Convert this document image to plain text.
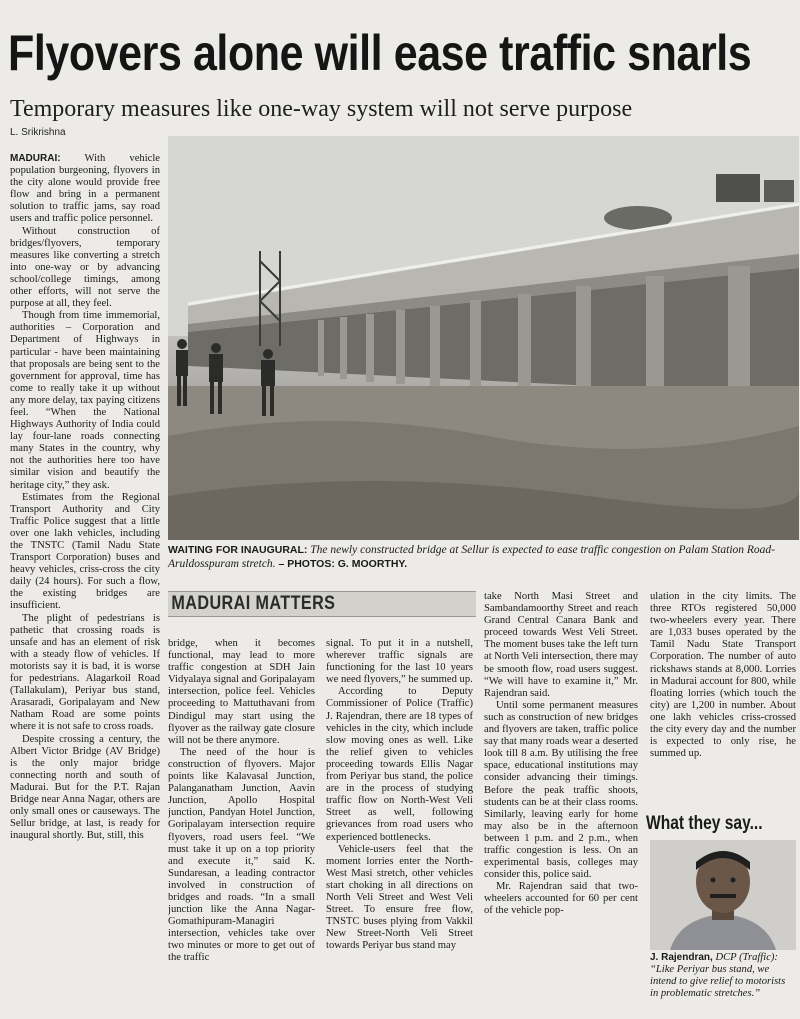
Flyovers alone will ease traffic snarls
Temporary measures like one-way system will not serve purpose
L. Srikrishna

MADURAI: With vehicle population burgeoning, flyovers in the city alone would provide free flow and bring in a permanent solution to traffic jams, say road users and traffic police personnel.

Without construction of bridges/flyovers, temporary measures like converting a stretch into one-way or by advancing school/college timings, among other efforts, will not serve the purpose at all, they feel.

Though from time immemorial, authorities – Corporation and Department of Highways in particular - have been maintaining that proposals are being sent to the government for approval, time has come to really take it up without any more delay, tax paying citizens feel. “When the National Highways Authority of India could lay four-lane roads connecting many States in the country, why not the authorities here too have similar vision and beautify the heritage city,” they ask.

Estimates from the Regional Transport Authority and City Traffic Police suggest that a little over one lakh vehicles, including the TNSTC (Tamil Nadu State Transport Corporation) buses and heavy vehicles, criss-cross the city daily (24 hours). For such a flow, the existing bridges are insufficient.

The plight of pedestrians is pathetic that crossing roads is unsafe and has an element of risk with a steady flow of vehicles. If motorists say it is bad, it is worse for pedestrians. Alagarkoil Road (Tallakulam), Periyar bus stand, Arasaradi, Goripalayam and New Natham Road are some points where it is not safe to cross roads.

Despite crossing a century, the Albert Victor Bridge (AV Bridge) is the only major bridge connecting north and south of Madurai. But for the P.T. Rajan Bridge near Anna Nagar, others are only small ones or causeways. The Sellur bridge, at last, is ready for inaugural shortly. But, still, this

WAITING FOR INAUGURAL: The newly constructed bridge at Sellur is expected to ease traffic congestion on Palam Station Road-Aruldosspuram stretch. – PHOTOS: G. MOORTHY.
MADURAI MATTERS

bridge, when it becomes functional, may lead to more traffic congestion at SDH Jain Vidyalaya signal and Goripalayam intersection, police feel. Vehicles proceeding to Mattuthavani from Dindigul may start using the flyover as the railway gate closure will not be there anymore.

The need of the hour is construction of flyovers. Major points like Kalavasal Junction, Palanganatham Junction, Aavin Junction, Apollo Hospital junction, Pandyan Hotel Junction, Goripalayam intersection require flyovers, road users feel. “We must take it up on a top priority and execute it,” said K. Sundaresan, a leading contractor involved in construction of bridges and roads. “In a small junction like the Anna Nagar-Gomathipuram-Managiri intersection, vehicles take over two minutes or more to get out of the traffic

signal. To put it in a nutshell, wherever traffic signals are functioning for the last 10 years we need flyovers,” he summed up.

According to Deputy Commissioner of Police (Traffic) J. Rajendran, there are 18 types of vehicles in the city, which include slow moving ones as well. Like the relief given to vehicles proceeding towards Ellis Nagar from Periyar bus stand, the police are in the process of studying traffic flow on North-West Veli Street as well, following grievances from road users who experienced bottlenecks.

Vehicle-users feel that the moment lorries enter the North-West Masi stretch, other vehicles start choking in all directions on North Veli Street and West Veli Street. To ensure free flow, TNSTC buses plying from Vakkil New Street-North Veli Street towards Periyar bus stand may

take North Masi Street and Sambandamoorthy Street and reach Grand Central Canara Bank and proceed towards West Veli Street. The moment buses take the left turn at North Veli intersection, there may be smooth flow, road users suggest. “We will have to examine it,” Mr. Rajendran said.

Until some permanent measures such as construction of new bridges and flyovers are taken, traffic police say that many roads wear a deserted look till 8 a.m. By utilising the free space, educational institutions may consider advancing their timings. Before the peak traffic shoots, students can be at their class rooms. Similarly, leaving early for home may also be in the afternoon between 1 p.m. and 2 p.m., when traffic congestion is less. On an experimental basis, colleges may consider this, police said.

Mr. Rajendran said that two-wheelers accounted for 60 per cent of the vehicle pop-

ulation in the city limits. The three RTOs registered 50,000 two-wheelers every year. There are 1,033 buses operated by the Tamil Nadu State Transport Corporation. The number of auto rickshaws stands at 8,000. Lorries in Madurai account for 800, while floating lorries (which touch the city) are 1,200 in number. About one lakh vehicles criss-crossed the city every day and the number is expected to only rise, he summed up.

What they say...
J. Rajendran, DCP (Traffic): “Like Periyar bus stand, we intend to give relief to motorists in problematic stretches.”
